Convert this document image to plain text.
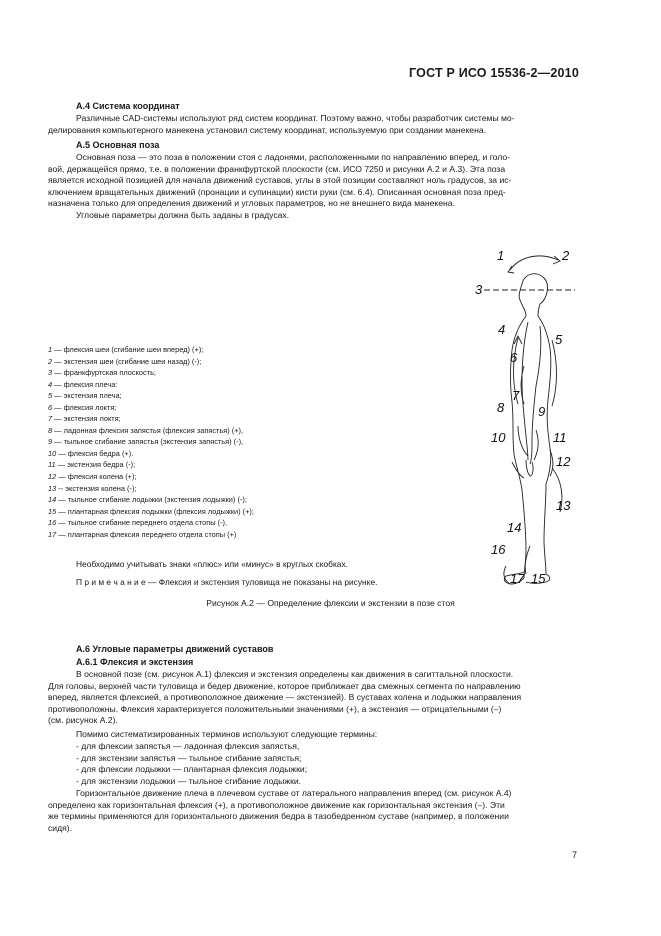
ГОСТ Р ИСО 15536-2—2010
А.4 Система координат

Различные CAD-системы используют ряд систем координат. Поэтому важно, чтобы разработчик системы мо-
делирования компьютерного манекена установил систему координат, используемую при создании манекена.

А.5 Основная поза

Основная поза — это поза в положении стоя с ладонями, расположенными по направлению вперед, и голо-
вой, держащейся прямо, т.е. в положении франкфуртской плоскости (см. ИСО 7250 и рисунки А.2 и А.3). Эта поза
является исходной позицией для начала движений суставов, углы в этой позиции составляют ноль градусов, за ис-
ключением вращательных движений (пронации и супинации) кисти руки (см. 6.4). Описанная основная поза пред-
назначена только для определения движений и угловых параметров, но не внешнего вида манекена.

Угловые параметры должна быть заданы в градусах.
1	2
3
4
5
6
7
8	9
10	11
12
13
14
15
16
17
1 — флексия шеи (сгибание шеи вперед) (+);
2 — экстензия шеи (сгибание шеи назад) (-);
3 — франкфуртская плоскость;
4 — флексия плеча:
5 — экстензия плеча;
6 — флексия локтя;
7 — экстензия локтя;
8 — ладонная флексия запястья (флексия запястья) (+),
9 — тыльное сгибание запястья (экстензия запястья) (-),
10 — флексия бедра (+).
11 — экстензия бедра (-);
12 — флексия колена (+);
13 -- экстензия колена (-);
14 — тыльное сгибание лодыжки (экстензия лодыжки) (-);
15 — плантарная флексия лодыжки (флексия лодыжки) (+);
16 — тыльное сгибание переднего отдела стопы (-),
17 — плантарная флексия переднего отдела стопы (+)
Необходимо учитывать знаки «плюс» или «минус» в круглых скобках.
П р и м е ч а н и е — Флексия и экстензия туловища не показаны на рисунке.
Рисунок А.2 — Определение флексии и экстензии в позе стоя
А.6 Угловые параметры движений суставов
А.6.1 Флексия и экстензия

В основной позе (см. рисунок А.1) флексия и экстензия определены как движения в сагиттальной плоскости.
Для головы, верхней части туловища и бедер движение, которое приближает два смежных сегмента по направлению
вперед, является флексией, а противоположное движение — экстензией). В суставах колена и лодыжки направления
противоположны. Флексия характеризуется положительными значениями (+), а экстензия — отрицательными (–)
(см. рисунок А.2).

Помимо систематизированных терминов используют следующие термины:
- для флексии запястья — ладонная флексия запястья,
- для экстензии запястья — тыльное сгибание запястья;
- для флексии лодыжки — плантарная флексия лодыжки;
- для экстензии лодыжки — тыльное сгибание лодыжки.

Горизонтальное движение плеча в плечевом суставе от латерального направления вперед (см. рисунок А.4)
определено как горизонтальная флексия (+), а противоположное движение как горизонтальная экстензия (–). Эти
же термины применяются для горизонтального движения бедра в тазобедренном суставе (например, в положении
сидя).

7
